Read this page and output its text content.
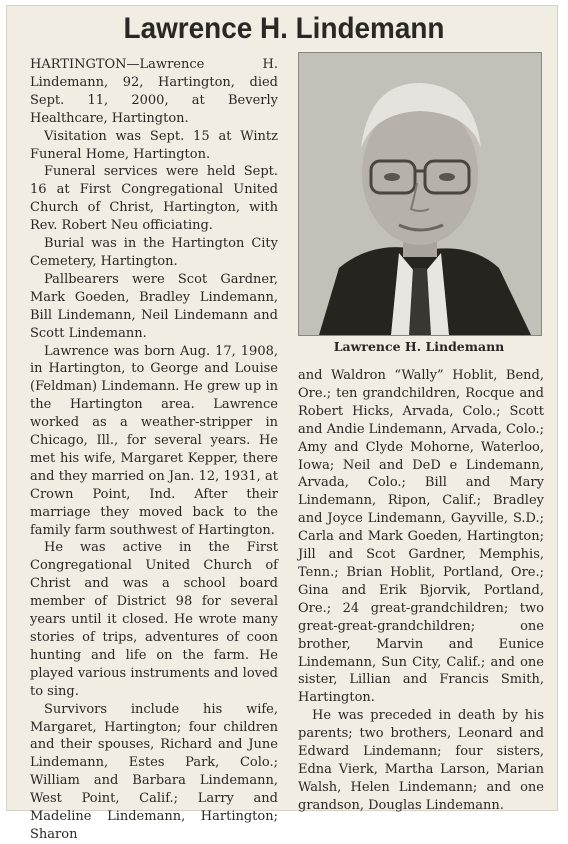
Lawrence H. Lindemann

HARTINGTON—Lawrence H. Lindemann, 92, Hartington, died Sept. 11, 2000, at Beverly Healthcare, Hartington.

Visitation was Sept. 15 at Wintz Funeral Home, Hartington.

Funeral services were held Sept. 16 at First Congregational United Church of Christ, Hartington, with Rev. Robert Neu officiating.

Burial was in the Hartington City Cemetery, Hartington.

Pallbearers were Scot Gardner, Mark Goeden, Bradley Lindemann, Bill Lindemann, Neil Lindemann and Scott Lindemann.

Lawrence was born Aug. 17, 1908, in Hartington, to George and Louise (Feldman) Lindemann. He grew up in the Hartington area. Lawrence worked as a weather-stripper in Chicago, Ill., for several years. He met his wife, Margaret Kepper, there and they married on Jan. 12, 1931, at Crown Point, Ind. After their marriage they moved back to the family farm southwest of Hartington.

He was active in the First Congregational United Church of Christ and was a school board member of District 98 for several years until it closed. He wrote many stories of trips, adventures of coon hunting and life on the farm. He played various instruments and loved to sing.

Survivors include his wife, Margaret, Hartington; four children and their spouses, Richard and June Lindemann, Estes Park, Colo.; William and Barbara Lindemann, West Point, Calif.; Larry and Madeline Lindemann, Hartington; Sharon

Lawrence H. Lindemann

and Waldron “Wally” Hoblit, Bend, Ore.; ten grandchildren, Rocque and Robert Hicks, Arvada, Colo.; Scott and Andie Lindemann, Arvada, Colo.; Amy and Clyde Mohorne, Waterloo, Iowa; Neil and DeD e Lindemann, Arvada, Colo.; Bill and Mary Lindemann, Ripon, Calif.; Bradley and Joyce Lindemann, Gayville, S.D.; Carla and Mark Goeden, Hartington; Jill and Scot Gardner, Memphis, Tenn.; Brian Hoblit, Portland, Ore.; Gina and Erik Bjorvik, Portland, Ore.; 24 great-grandchildren; two great-great-grandchildren; one brother, Marvin and Eunice Lindemann, Sun City, Calif.; and one sister, Lillian and Francis Smith, Hartington.

He was preceded in death by his parents; two brothers, Leonard and Edward Lindemann; four sisters, Edna Vierk, Martha Larson, Marian Walsh, Helen Lindemann; and one grandson, Douglas Lindemann.
